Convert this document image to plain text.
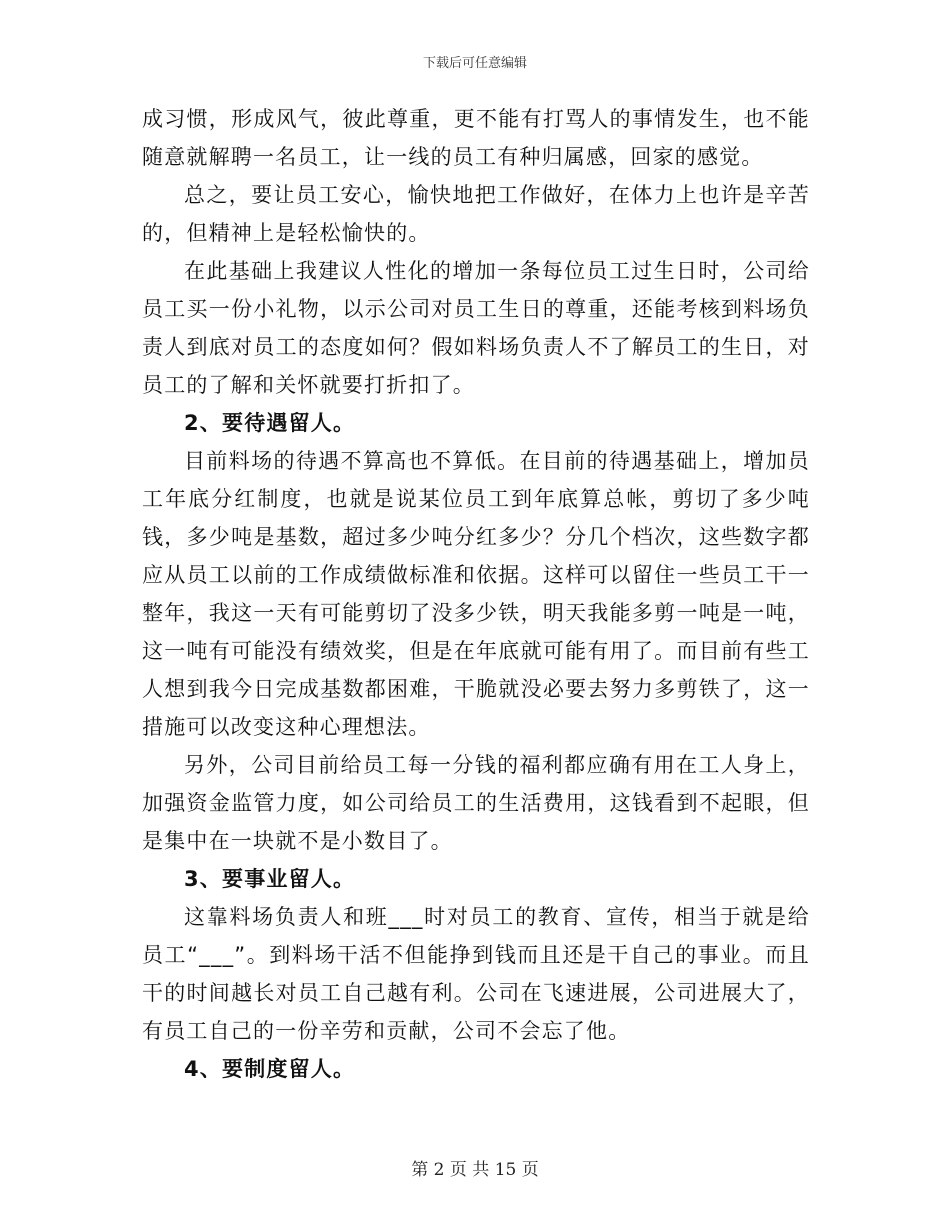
下载后可任意编辑

成习惯，形成风气，彼此尊重，更不能有打骂人的事情发生，也不能随意就解聘一名员工，让一线的员工有种归属感，回家的感觉。

总之，要让员工安心，愉快地把工作做好，在体力上也许是辛苦的，但精神上是轻松愉快的。

在此基础上我建议人性化的增加一条每位员工过生日时，公司给员工买一份小礼物，以示公司对员工生日的尊重，还能考核到料场负责人到底对员工的态度如何？假如料场负责人不了解员工的生日，对员工的了解和关怀就要打折扣了。

2、要待遇留人。

目前料场的待遇不算高也不算低。在目前的待遇基础上，增加员工年底分红制度，也就是说某位员工到年底算总帐，剪切了多少吨钱，多少吨是基数，超过多少吨分红多少？分几个档次，这些数字都应从员工以前的工作成绩做标准和依据。这样可以留住一些员工干一整年，我这一天有可能剪切了没多少铁，明天我能多剪一吨是一吨，这一吨有可能没有绩效奖，但是在年底就可能有用了。而目前有些工人想到我今日完成基数都困难，干脆就没必要去努力多剪铁了，这一措施可以改变这种心理想法。

另外，公司目前给员工每一分钱的福利都应确有用在工人身上，加强资金监管力度，如公司给员工的生活费用，这钱看到不起眼，但是集中在一块就不是小数目了。

3、要事业留人。

这靠料场负责人和班___时对员工的教育、宣传，相当于就是给员工“___”。到料场干活不但能挣到钱而且还是干自己的事业。而且干的时间越长对员工自己越有利。公司在飞速进展，公司进展大了，有员工自己的一份辛劳和贡献，公司不会忘了他。

4、要制度留人。

第 2 页 共 15 页
